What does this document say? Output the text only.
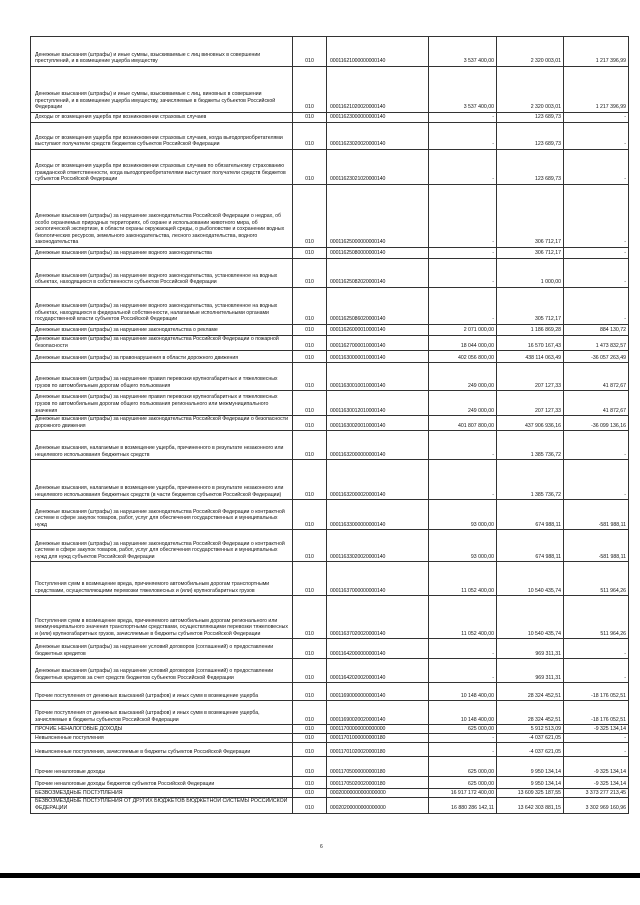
Денежные взыскания (штрафы) и иные суммы, взыскиваемые с лиц виновных в совершении преступлений, и в возмещение ущерба имуществу	010	00011621000000000140	3 537 400,00	2 320 003,01	1 217 396,99
Денежные взыскания (штрафы) и иные суммы, взыскиваемые с лиц, виновных в совершении преступлений, и в возмещение ущерба имуществу, зачисляемые в бюджеты субъектов Российской Федерации	010	00011621020020000140	3 537 400,00	2 320 003,01	1 217 396,99
Доходы от возмещения ущерба при возникновении страховых случаев	010	00011623000000000140	-	123 689,73	-
Доходы от возмещения ущерба при возникновении страховых случаев, когда выгодоприобретателями выступают получатели средств бюджетов субъектов Российской Федерации	010	00011623020020000140	-	123 689,73	-
Доходы от возмещения ущерба при возникновении страховых случаев по обязательному страхованию гражданской ответственности, когда выгодоприобретателями выступают получатели средств бюджетов субъектов Российской Федерации	010	00011623021020000140	-	123 689,73	-
Денежные взыскания (штрафы) за нарушение законодательства Российской Федерации о недрах, об особо охраняемых природных территориях, об охране и использовании животного мира, об экологической экспертизе, в области охраны окружающей среды, о рыболовстве и сохранении водных биологических ресурсов, земельного законодательства, лесного законодательства, водного законодательства	010	00011625000000000140	-	306 712,17	-
Денежные взыскания (штрафы) за нарушение водного законодательства	010	00011625080000000140	-	306 712,17	-
Денежные взыскания (штрафы) за нарушение водного законодательства, установленное на водных объектах, находящихся в собственности субъектов Российской Федерации	010	00011625082020000140	-	1 000,00	-
Денежные взыскания (штрафы) за нарушение водного законодательства, установленное на водных объектах, находящихся в федеральной собственности, налагаемые исполнительными органами государственной власти субъектов Российской Федерации	010	00011625086020000140	-	305 712,17	-
Денежные взыскания (штрафы) за нарушение законодательства о рекламе	010	00011626000010000140	2 071 000,00	1 186 869,28	884 130,72
Денежные взыскания (штрафы) за нарушение законодательства Российской Федерации о пожарной безопасности	010	00011627000010000140	18 044 000,00	16 570 167,43	1 473 832,57
Денежные взыскания (штрафы) за правонарушения в области дорожного движения	010	00011630000010000140	402 056 800,00	438 114 063,49	-36 057 263,49
Денежные взыскания (штрафы) за нарушение правил перевозки крупногабаритных и тяжеловесных грузов по автомобильным дорогам общего пользования	010	00011630010010000140	249 000,00	207 127,33	41 872,67
Денежные взыскания (штрафы) за нарушение правил перевозки крупногабаритных и тяжеловесных грузов по автомобильным дорогам общего пользования регионального или межмуниципального значения	010	00011630012010000140	249 000,00	207 127,33	41 872,67
Денежные взыскания (штрафы) за нарушение законодательства Российской Федерации о безопасности дорожного движения	010	00011630020010000140	401 807 800,00	437 906 936,16	-36 099 136,16
Денежные взыскания, налагаемые в возмещение ущерба, причиненного в результате незаконного или нецелевого использования бюджетных средств	010	00011632000000000140	-	1 385 736,72	-
Денежные взыскания, налагаемые в возмещение ущерба, причиненного в результате незаконного или нецелевого использования бюджетных средств (в части бюджетов субъектов Российской Федерации)	010	00011632000020000140	-	1 385 736,72	-
Денежные взыскания (штрафы) за нарушение законодательства Российской Федерации о контрактной системе в сфере закупок товаров, работ, услуг для обеспечения государственных и муниципальных нужд	010	00011633000000000140	93 000,00	674 988,11	-581 988,11
Денежные взыскания (штрафы) за нарушение законодательства Российской Федерации о контрактной системе в сфере закупок товаров, работ, услуг для обеспечения государственных и муниципальных нужд для нужд субъектов Российской Федерации	010	00011633020020000140	93 000,00	674 988,11	-581 988,11
Поступления сумм в возмещение вреда, причиняемого автомобильным дорогам транспортными средствами, осуществляющими перевозки тяжеловесных и (или) крупногабаритных грузов	010	00011637000000000140	11 052 400,00	10 540 435,74	511 964,26
Поступления сумм в возмещение вреда, причиняемого автомобильным дорогам регионального или межмуниципального значения транспортными средствами, осуществляющими перевозки тяжеловесных и (или) крупногабаритных грузов, зачисляемые в бюджеты субъектов Российской Федерации	010	00011637020020000140	11 052 400,00	10 540 435,74	511 964,26
Денежные взыскания (штрафы) за нарушение условий договоров (соглашений) о предоставлении бюджетных кредитов	010	00011642000000000140	-	969 311,31	-
Денежные взыскания (штрафы) за нарушение условий договоров (соглашений) о предоставлении бюджетных кредитов за счет средств бюджетов субъектов Российской Федерации	010	00011642020020000140	-	969 311,31	-
Прочие поступления от денежных взысканий (штрафов) и иных сумм в возмещение ущерба	010	00011690000000000140	10 148 400,00	28 324 452,51	-18 176 052,51
Прочие поступления от денежных взысканий (штрафов) и иных сумм в возмещение ущерба, зачисляемые в бюджеты субъектов Российской Федерации	010	00011690020020000140	10 148 400,00	28 324 452,51	-18 176 052,51
ПРОЧИЕ НЕНАЛОГОВЫЕ ДОХОДЫ	010	00011700000000000000	625 000,00	5 912 513,09	-9 325 134,14
Невыясненные поступления	010	00011701000000000180	-	-4 037 621,05	-
Невыясненные поступления, зачисляемые в бюджеты субъектов Российской Федерации	010	00011701020020000180	-	-4 037 621,05	-
Прочие неналоговые доходы	010	00011705000000000180	625 000,00	9 950 134,14	-9 325 134,14
Прочие неналоговые доходы бюджетов субъектов Российской Федерации	010	00011705020020000180	625 000,00	9 950 134,14	-9 325 134,14
БЕЗВОЗМЕЗДНЫЕ ПОСТУПЛЕНИЯ	010	00020000000000000000	16 917 172 400,00	13 609 325 187,55	3 373 277 213,45
БЕЗВОЗМЕЗДНЫЕ ПОСТУПЛЕНИЯ ОТ ДРУГИХ БЮДЖЕТОВ БЮДЖЕТНОЙ СИСТЕМЫ РОССИЙСКОЙ ФЕДЕРАЦИИ	010	00020200000000000000	16 880 286 142,11	13 642 303 881,15	3 302 969 160,96
6
